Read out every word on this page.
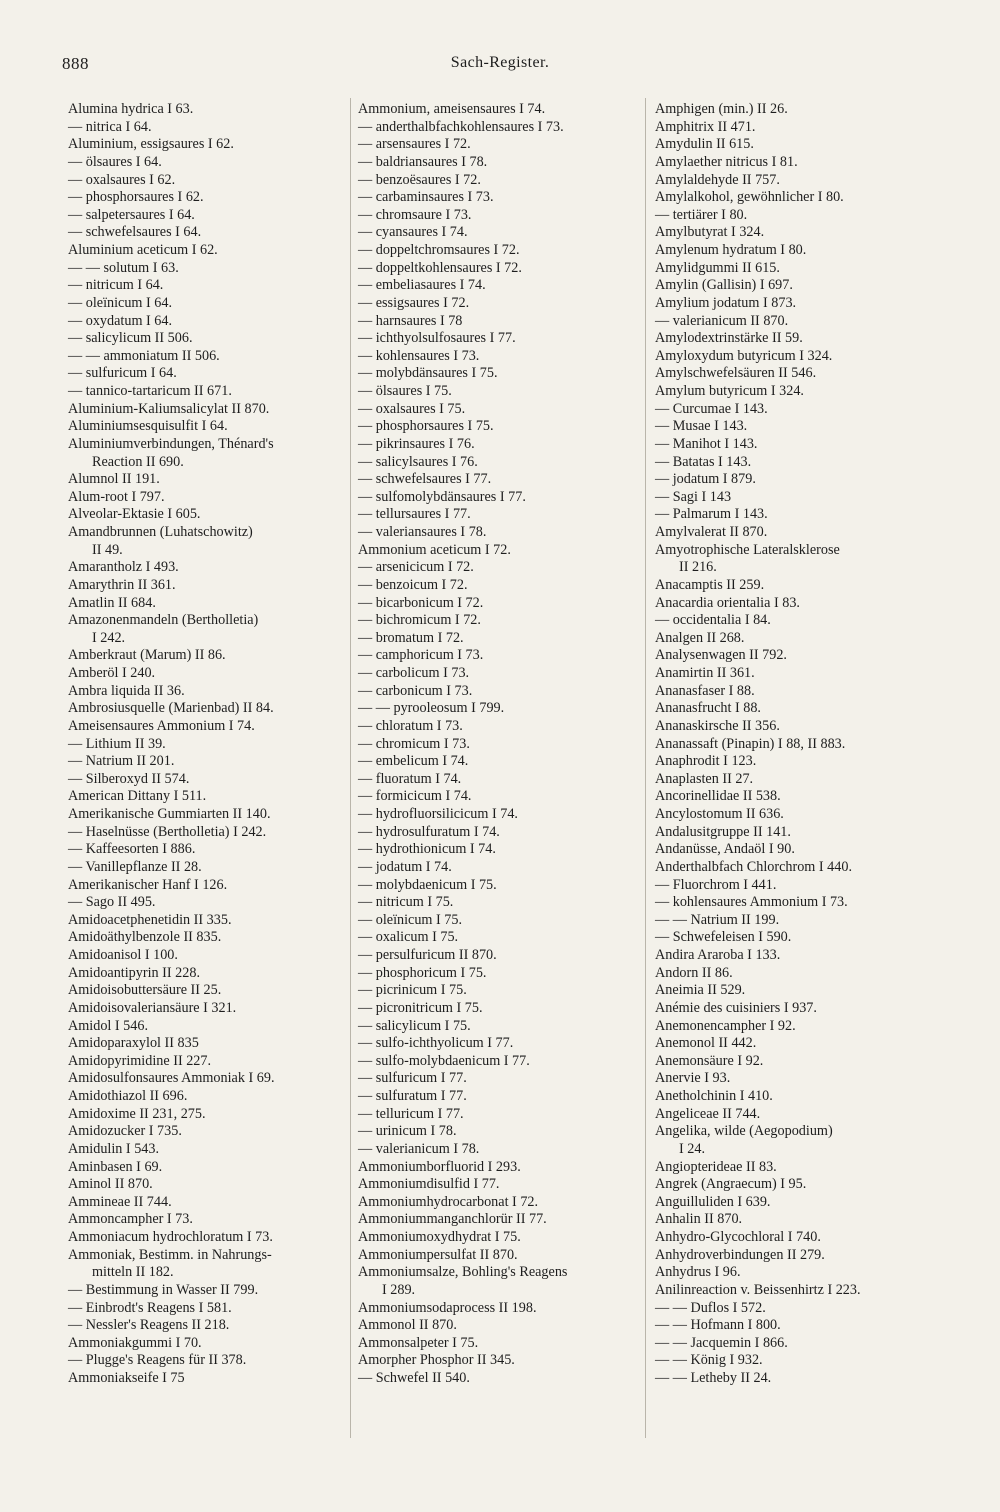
888	Sach-Register.
Alumina hydrica I 63.
— nitrica I 64.
Aluminium, essigsaures I 62.
— ölsaures I 64.
— oxalsaures I 62.
— phosphorsaures I 62.
— salpetersaures I 64.
— schwefelsaures I 64.
Aluminium aceticum I 62.
— — solutum I 63.
— nitricum I 64.
— oleïnicum I 64.
— oxydatum I 64.
— salicylicum II 506.
— — ammoniatum II 506.
— sulfuricum I 64.
— tannico-tartaricum II 671.
Aluminium-Kaliumsalicylat II 870.
Aluminiumsesquisulfit I 64.
Aluminiumverbindungen, Thénard's
Reaction II 690.
Alumnol II 191.
Alum-root I 797.
Alveolar-Ektasie I 605.
Amandbrunnen (Luhatschowitz)
II 49.
Amarantholz I 493.
Amarythrin II 361.
Amatlin II 684.
Amazonenmandeln (Bertholletia)
I 242.
Amberkraut (Marum) II 86.
Amberöl I 240.
Ambra liquida II 36.
Ambrosiusquelle (Marienbad) II 84.
Ameisensaures Ammonium I 74.
— Lithium II 39.
— Natrium II 201.
— Silberoxyd II 574.
American Dittany I 511.
Amerikanische Gummiarten II 140.
— Haselnüsse (Bertholletia) I 242.
— Kaffeesorten I 886.
— Vanillepflanze II 28.
Amerikanischer Hanf I 126.
— Sago II 495.
Amidoacetphenetidin II 335.
Amidoäthylbenzole II 835.
Amidoanisol I 100.
Amidoantipyrin II 228.
Amidoisobuttersäure II 25.
Amidoisovaleriansäure I 321.
Amidol I 546.
Amidoparaxylol II 835
Amidopyrimidine II 227.
Amidosulfonsaures Ammoniak I 69.
Amidothiazol II 696.
Amidoxime II 231, 275.
Amidozucker I 735.
Amidulin I 543.
Aminbasen I 69.
Aminol II 870.
Ammineae II 744.
Ammoncampher I 73.
Ammoniacum hydrochloratum I 73.
Ammoniak, Bestimm. in Nahrungs-
mitteln II 182.
— Bestimmung in Wasser II 799.
— Einbrodt's Reagens I 581.
— Nessler's Reagens II 218.
Ammoniakgummi I 70.
— Plugge's Reagens für II 378.
Ammoniakseife I 75
Ammonium, ameisensaures I 74.
— anderthalbfachkohlensaures I 73.
— arsensaures I 72.
— baldriansaures I 78.
— benzoësaures I 72.
— carbaminsaures I 73.
— chromsaure I 73.
— cyansaures I 74.
— doppeltchromsaures I 72.
— doppeltkohlensaures I 72.
— embeliasaures I 74.
— essigsaures I 72.
— harnsaures I 78
— ichthyolsulfosaures I 77.
— kohlensaures I 73.
— molybdänsaures I 75.
— ölsaures I 75.
— oxalsaures I 75.
— phosphorsaures I 75.
— pikrinsaures I 76.
— salicylsaures I 76.
— schwefelsaures I 77.
— sulfomolybdänsaures I 77.
— tellursaures I 77.
— valeriansaures I 78.
Ammonium aceticum I 72.
— arsenicicum I 72.
— benzoicum I 72.
— bicarbonicum I 72.
— bichromicum I 72.
— bromatum I 72.
— camphoricum I 73.
— carbolicum I 73.
— carbonicum I 73.
— — pyrooleosum I 799.
— chloratum I 73.
— chromicum I 73.
— embelicum I 74.
— fluoratum I 74.
— formicicum I 74.
— hydrofluorsilicicum I 74.
— hydrosulfuratum I 74.
— hydrothionicum I 74.
— jodatum I 74.
— molybdaenicum I 75.
— nitricum I 75.
— oleïnicum I 75.
— oxalicum I 75.
— persulfuricum II 870.
— phosphoricum I 75.
— picrinicum I 75.
— picronitricum I 75.
— salicylicum I 75.
— sulfo-ichthyolicum I 77.
— sulfo-molybdaenicum I 77.
— sulfuricum I 77.
— sulfuratum I 77.
— telluricum I 77.
— urinicum I 78.
— valerianicum I 78.
Ammoniumborfluorid I 293.
Ammoniumdisulfid I 77.
Ammoniumhydrocarbonat I 72.
Ammoniummanganchlorür II 77.
Ammoniumoxydhydrat I 75.
Ammoniumpersulfat II 870.
Ammoniumsalze, Bohling's Reagens
I 289.
Ammoniumsodaprocess II 198.
Ammonol II 870.
Ammonsalpeter I 75.
Amorpher Phosphor II 345.
— Schwefel II 540.
Amphigen (min.) II 26.
Amphitrix II 471.
Amydulin II 615.
Amylaether nitricus I 81.
Amylaldehyde II 757.
Amylalkohol, gewöhnlicher I 80.
— tertiärer I 80.
Amylbutyrat I 324.
Amylenum hydratum I 80.
Amylidgummi II 615.
Amylin (Gallisin) I 697.
Amylium jodatum I 873.
— valerianicum II 870.
Amylodextrinstärke II 59.
Amyloxydum butyricum I 324.
Amylschwefelsäuren II 546.
Amylum butyricum I 324.
— Curcumae I 143.
— Musae I 143.
— Manihot I 143.
— Batatas I 143.
— jodatum I 879.
— Sagi I 143
— Palmarum I 143.
Amylvalerat II 870.
Amyotrophische Lateralsklerose
II 216.
Anacamptis II 259.
Anacardia orientalia I 83.
— occidentalia I 84.
Analgen II 268.
Analysenwagen II 792.
Anamirtin II 361.
Ananasfaser I 88.
Ananasfrucht I 88.
Ananaskirsche II 356.
Ananassaft (Pinapin) I 88, II 883.
Anaphrodit I 123.
Anaplasten II 27.
Ancorinellidae II 538.
Ancylostomum II 636.
Andalusitgruppe II 141.
Andanüsse, Andaöl I 90.
Anderthalbfach Chlorchrom I 440.
— Fluorchrom I 441.
— kohlensaures Ammonium I 73.
— — Natrium II 199.
— Schwefeleisen I 590.
Andira Araroba I 133.
Andorn II 86.
Aneimia II 529.
Anémie des cuisiniers I 937.
Anemonencampher I 92.
Anemonol II 442.
Anemonsäure I 92.
Anervie I 93.
Anetholchinin I 410.
Angeliceae II 744.
Angelika, wilde (Aegopodium)
I 24.
Angiopterideae II 83.
Angrek (Angraecum) I 95.
Anguilluliden I 639.
Anhalin II 870.
Anhydro-Glycochloral I 740.
Anhydroverbindungen II 279.
Anhydrus I 96.
Anilinreaction v. Beissenhirtz I 223.
— — Duflos I 572.
— — Hofmann I 800.
— — Jacquemin I 866.
— — König I 932.
— — Letheby II 24.
